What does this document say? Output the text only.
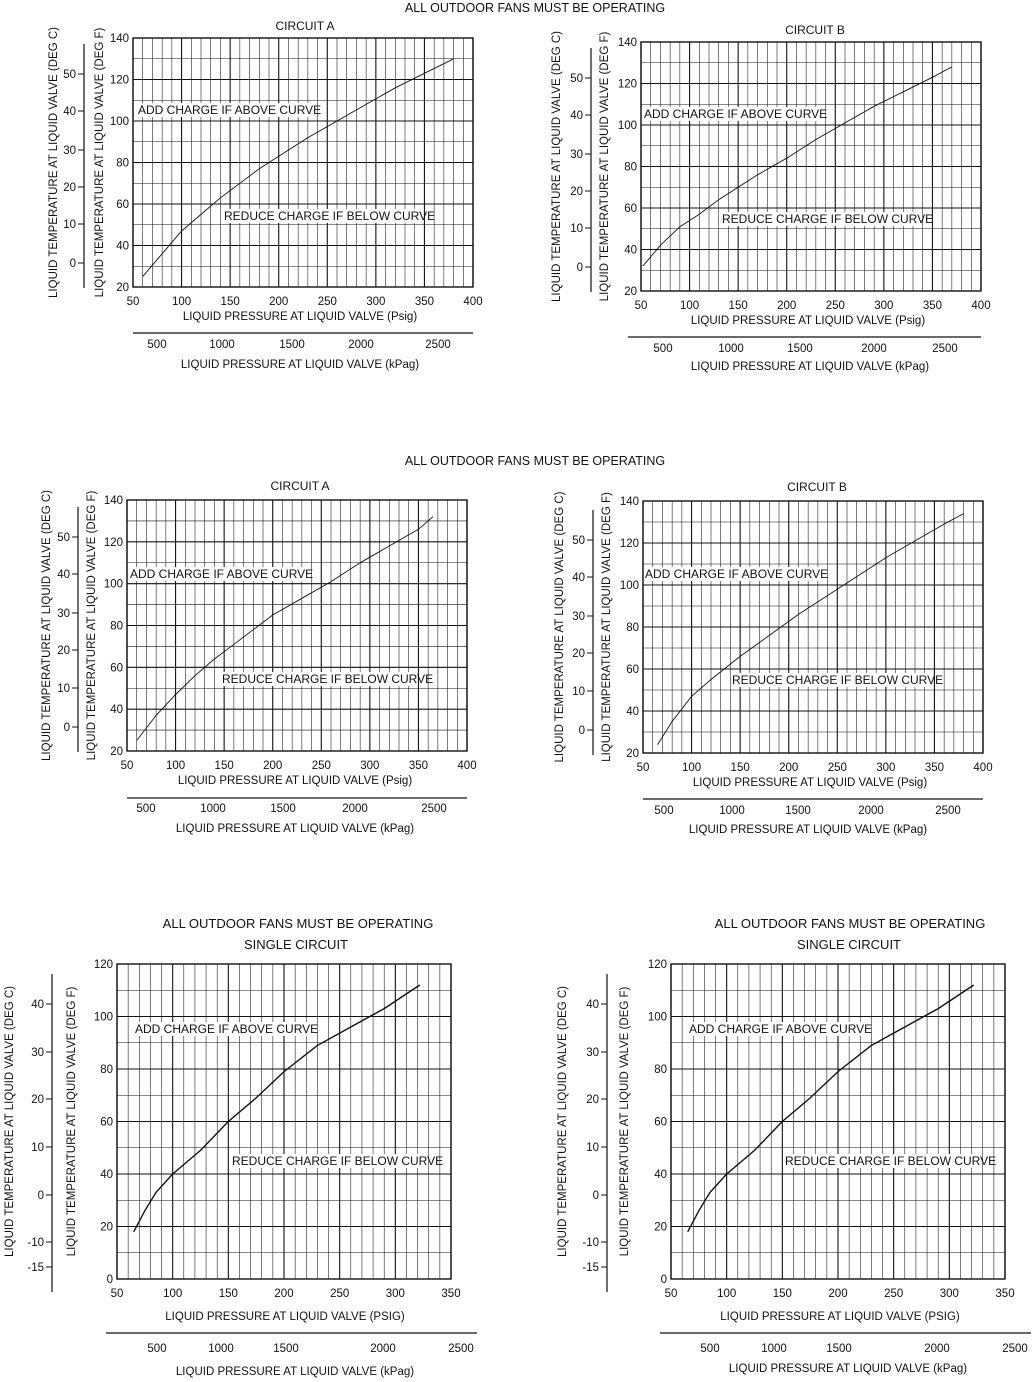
ALL OUTDOOR FANS MUST BE OPERATING
ALL OUTDOOR FANS MUST BE OPERATING
ALL OUTDOOR FANS MUST BE OPERATING	ALL OUTDOOR FANS MUST BE OPERATING
CIRCUIT A
50	100	150	200	250	300	350	400
20
40
60
80
100
120
140
0
10
20
30
40
50 LIQUID TEMPERATURE AT LIQUID VALVE (DEG F)
LIQUID TEMPERATURE AT LIQUID VALVE (DEG C)
LIQUID PRESSURE AT LIQUID VALVE (Psig)
500	1000	1500	2000	2500
LIQUID PRESSURE AT LIQUID VALVE (kPag)
ADD CHARGE IF ABOVE CURVE
REDUCE CHARGE IF BELOW CURVE
CIRCUIT B
50	100	150	200	250	300	350	400
20
40
60
80
100
120
140
0
10
20
30
40
50 LIQUID TEMPERATURE AT LIQUID VALVE (DEG F)
LIQUID TEMPERATURE AT LIQUID VALVE (DEG C)
LIQUID PRESSURE AT LIQUID VALVE (Psig)
500	1000	1500	2000	2500
LIQUID PRESSURE AT LIQUID VALVE (kPag)
ADD CHARGE IF ABOVE CURVE
REDUCE CHARGE IF BELOW CURVE
CIRCUIT A
50	100	150	200	250	300	350	400
20
40
60
80
100
120
140
0
10
20
30
40
50 LIQUID TEMPERATURE AT LIQUID VALVE (DEG F)
LIQUID TEMPERATURE AT LIQUID VALVE (DEG C)
LIQUID PRESSURE AT LIQUID VALVE (Psig)
500	1000	1500	2000	2500
LIQUID PRESSURE AT LIQUID VALVE (kPag)
ADD CHARGE IF ABOVE CURVE
REDUCE CHARGE IF BELOW CURVE
CIRCUIT B
50	100	150	200	250	300	350	400
20
40
60
80
100
120
140
0
10
20
30
40
50 LIQUID TEMPERATURE AT LIQUID VALVE (DEG F)
LIQUID TEMPERATURE AT LIQUID VALVE (DEG C)
LIQUID PRESSURE AT LIQUID VALVE (Psig)
500	1000	1500	2000	2500
LIQUID PRESSURE AT LIQUID VALVE (kPag)
ADD CHARGE IF ABOVE CURVE
REDUCE CHARGE IF BELOW CURVE
SINGLE CIRCUIT
50	100	150	200	250	300	350
0
20
40
60
80
100
120
-15
-10
0
10
20
30
40 LIQUID TEMPERATURE AT LIQUID VALVE (DEG F)
LIQUID TEMPERATURE AT LIQUID VALVE (DEG C)
LIQUID PRESSURE AT LIQUID VALVE (PSIG)
500	1000	1500	2000	2500
LIQUID PRESSURE AT LIQUID VALVE (kPag)
ADD CHARGE IF ABOVE CURVE
REDUCE CHARGE IF BELOW CURVE
SINGLE CIRCUIT
50	100	150	200	250	300	350
0
20
40
60
80
100
120
-15
-10
0
10
20
30
40 LIQUID TEMPERATURE AT LIQUID VALVE (DEG F)
LIQUID TEMPERATURE AT LIQUID VALVE (DEG C)
LIQUID PRESSURE AT LIQUID VALVE (PSIG)
500	1000	1500	2000	2500
LIQUID PRESSURE AT LIQUID VALVE (kPag)
ADD CHARGE IF ABOVE CURVE
REDUCE CHARGE IF BELOW CURVE
